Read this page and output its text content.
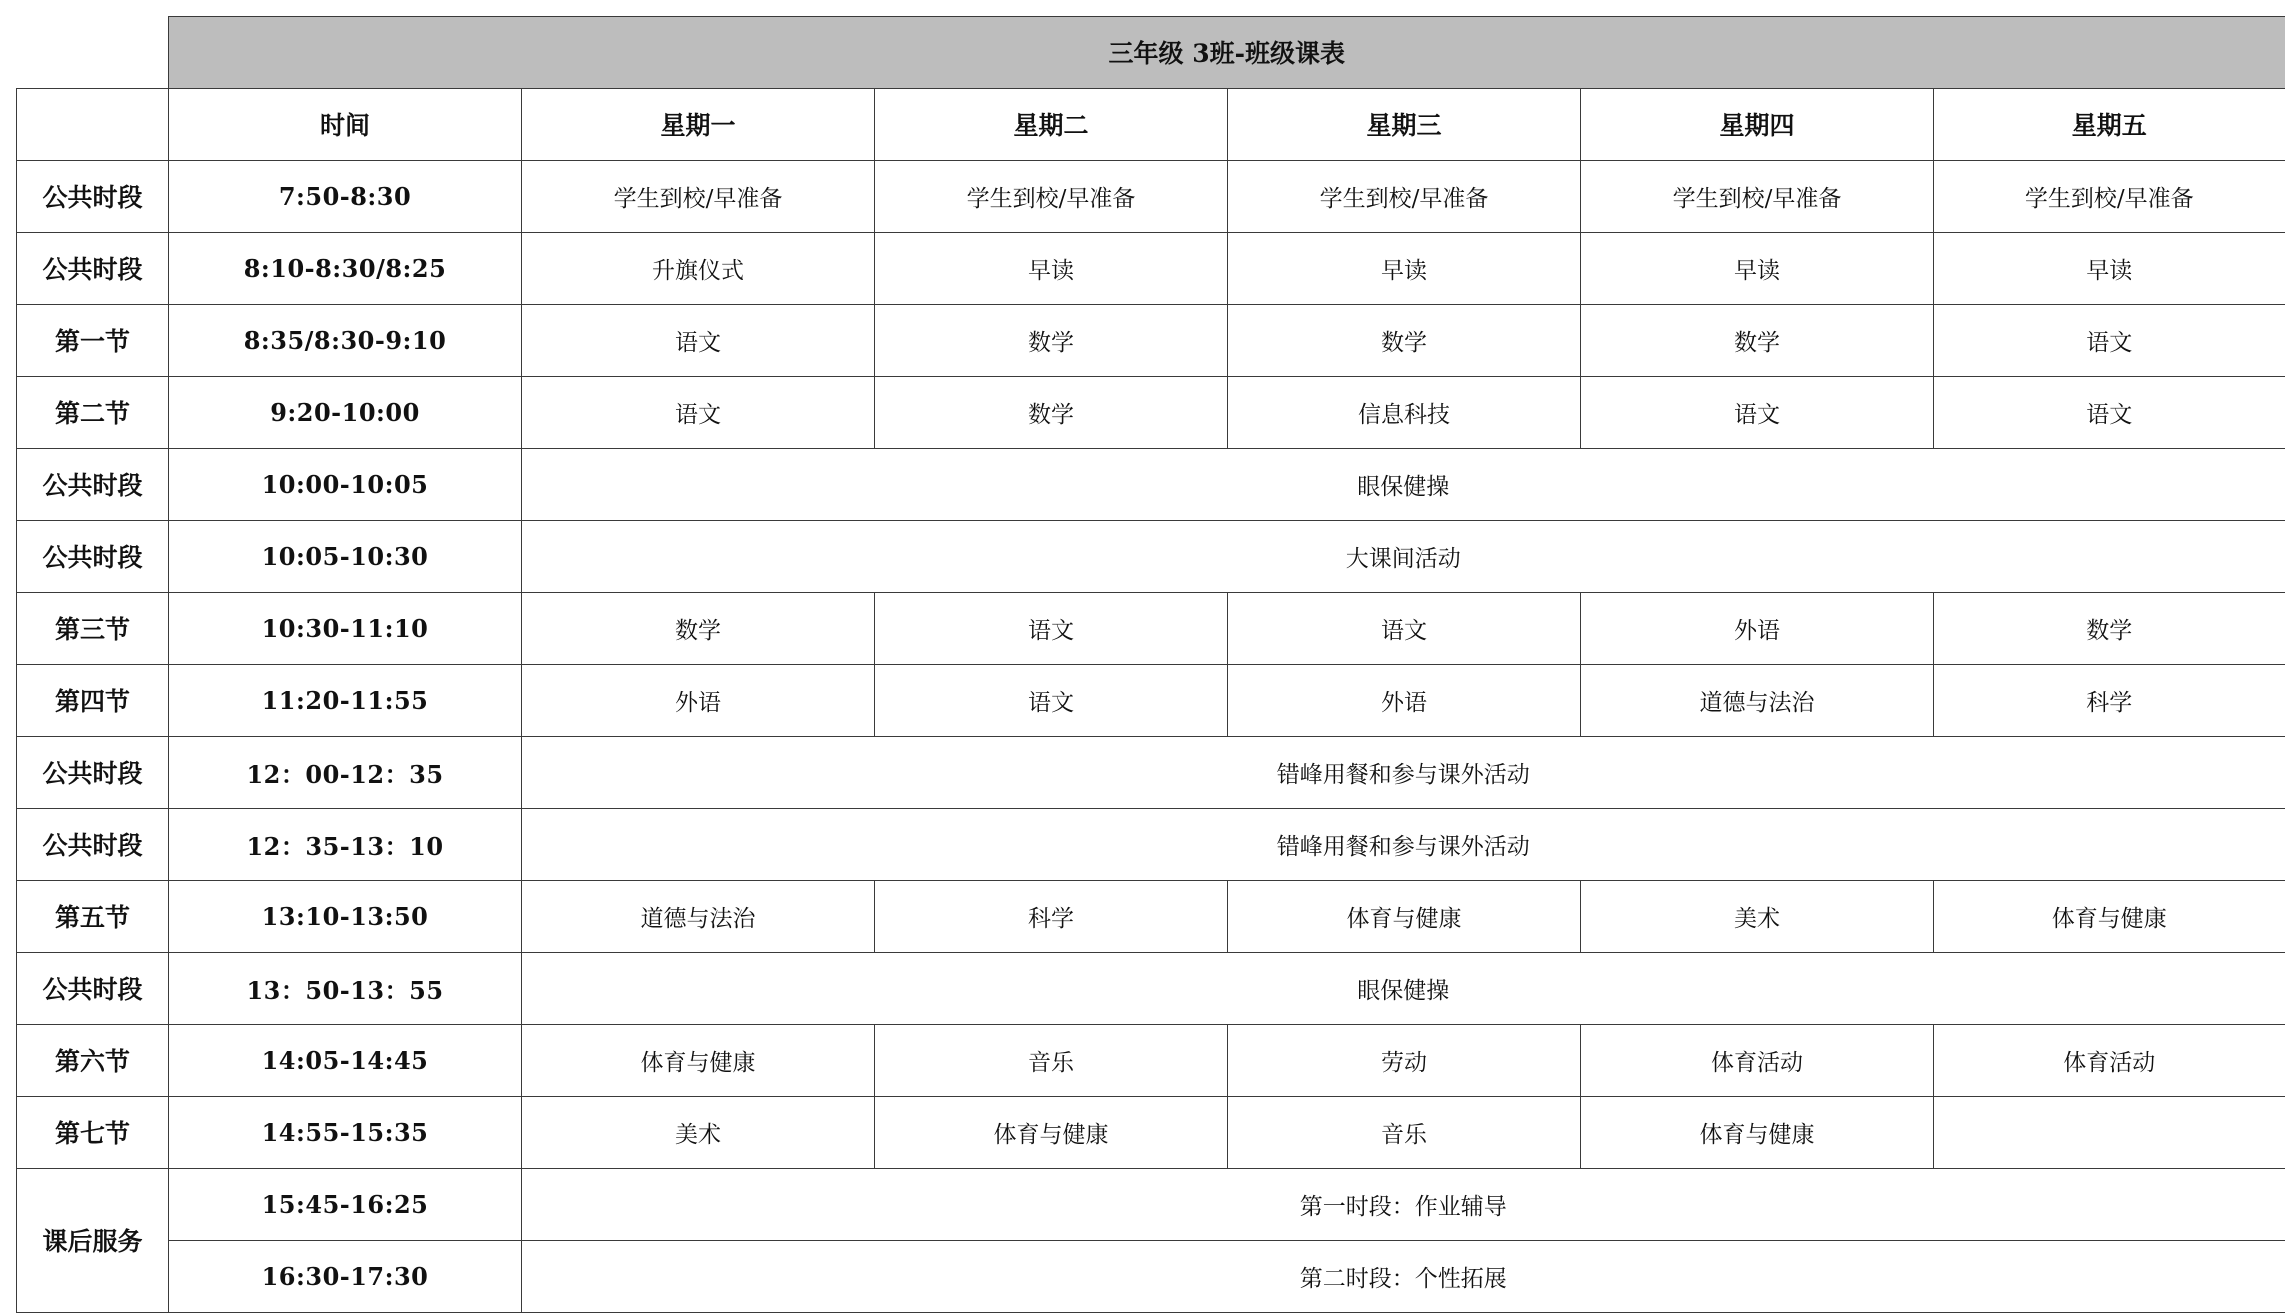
	三年级 3班-班级课表					
	时间	星期一	星期二	星期三	星期四	星期五
公共时段	7:50-8:30	学生到校/早准备	学生到校/早准备	学生到校/早准备	学生到校/早准备	学生到校/早准备
公共时段	8:10-8:30/8:25	升旗仪式	早读	早读	早读	早读
第一节	8:35/8:30-9:10	语文	数学	数学	数学	语文
第二节	9:20-10:00	语文	数学	信息科技	语文	语文
公共时段	10:00-10:05	眼保健操				
公共时段	10:05-10:30	大课间活动				
第三节	10:30-11:10	数学	语文	语文	外语	数学
第四节	11:20-11:55	外语	语文	外语	道德与法治	科学
公共时段	12：00-12：35	错峰用餐和参与课外活动				
公共时段	12：35-13：10	错峰用餐和参与课外活动				
第五节	13:10-13:50	道德与法治	科学	体育与健康	美术	体育与健康
公共时段	13：50-13：55	眼保健操				
第六节	14:05-14:45	体育与健康	音乐	劳动	体育活动	体育活动
第七节	14:55-15:35	美术	体育与健康	音乐	体育与健康	
课后服务	15:45-16:25	第一时段：作业辅导				
	16:30-17:30	第二时段：个性拓展				
